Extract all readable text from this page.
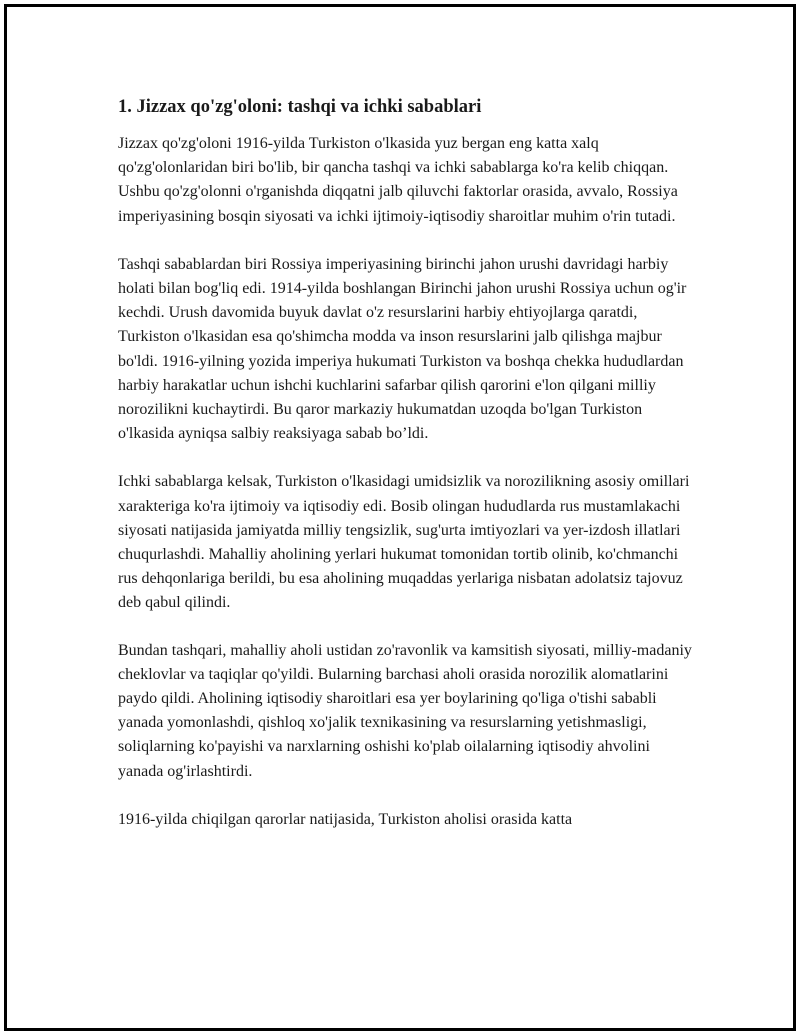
1. Jizzax qo'zg'oloni: tashqi va ichki sabablari

Jizzax qo'zg'oloni 1916-yilda Turkiston o'lkasida yuz bergan eng katta xalq qo'zg'olonlaridan biri bo'lib, bir qancha tashqi va ichki sabablarga ko'ra kelib chiqqan. Ushbu qo'zg'olonni o'rganishda diqqatni jalb qiluvchi faktorlar orasida, avvalo, Rossiya imperiyasining bosqin siyosati va ichki ijtimoiy-iqtisodiy sharoitlar muhim o'rin tutadi.

Tashqi sabablardan biri Rossiya imperiyasining birinchi jahon urushi davridagi harbiy holati bilan bog'liq edi. 1914-yilda boshlangan Birinchi jahon urushi Rossiya uchun og'ir kechdi. Urush davomida buyuk davlat o'z resurslarini harbiy ehtiyojlarga qaratdi, Turkiston o'lkasidan esa qo'shimcha modda va inson resurslarini jalb qilishga majbur bo'ldi. 1916-yilning yozida imperiya hukumati Turkiston va boshqa chekka hududlardan harbiy harakatlar uchun ishchi kuchlarini safarbar qilish qarorini e'lon qilgani milliy norozilikni kuchaytirdi. Bu qaror markaziy hukumatdan uzoqda bo'lgan Turkiston o'lkasida ayniqsa salbiy reaksiyaga sabab bo’ldi.

Ichki sabablarga kelsak, Turkiston o'lkasidagi umidsizlik va norozilikning asosiy omillari xarakteriga ko'ra ijtimoiy va iqtisodiy edi. Bosib olingan hududlarda rus mustamlakachi siyosati natijasida jamiyatda milliy tengsizlik, sug'urta imtiyozlari va yer-izdosh illatlari chuqurlashdi. Mahalliy aholining yerlari hukumat tomonidan tortib olinib, ko'chmanchi rus dehqonlariga berildi, bu esa aholining muqaddas yerlariga nisbatan adolatsiz tajovuz deb qabul qilindi.

Bundan tashqari, mahalliy aholi ustidan zo'ravonlik va kamsitish siyosati, milliy-madaniy cheklovlar va taqiqlar qo'yildi. Bularning barchasi aholi orasida norozilik alomatlarini paydo qildi. Aholining iqtisodiy sharoitlari esa yer boylarining qo'liga o'tishi sababli yanada yomonlashdi, qishloq xo'jalik texnikasining va resurslarning yetishmasligi, soliqlarning ko'payishi va narxlarning oshishi ko'plab oilalarning iqtisodiy ahvolini yanada og'irlashtirdi.

1916-yilda chiqilgan qarorlar natijasida, Turkiston aholisi orasida katta
